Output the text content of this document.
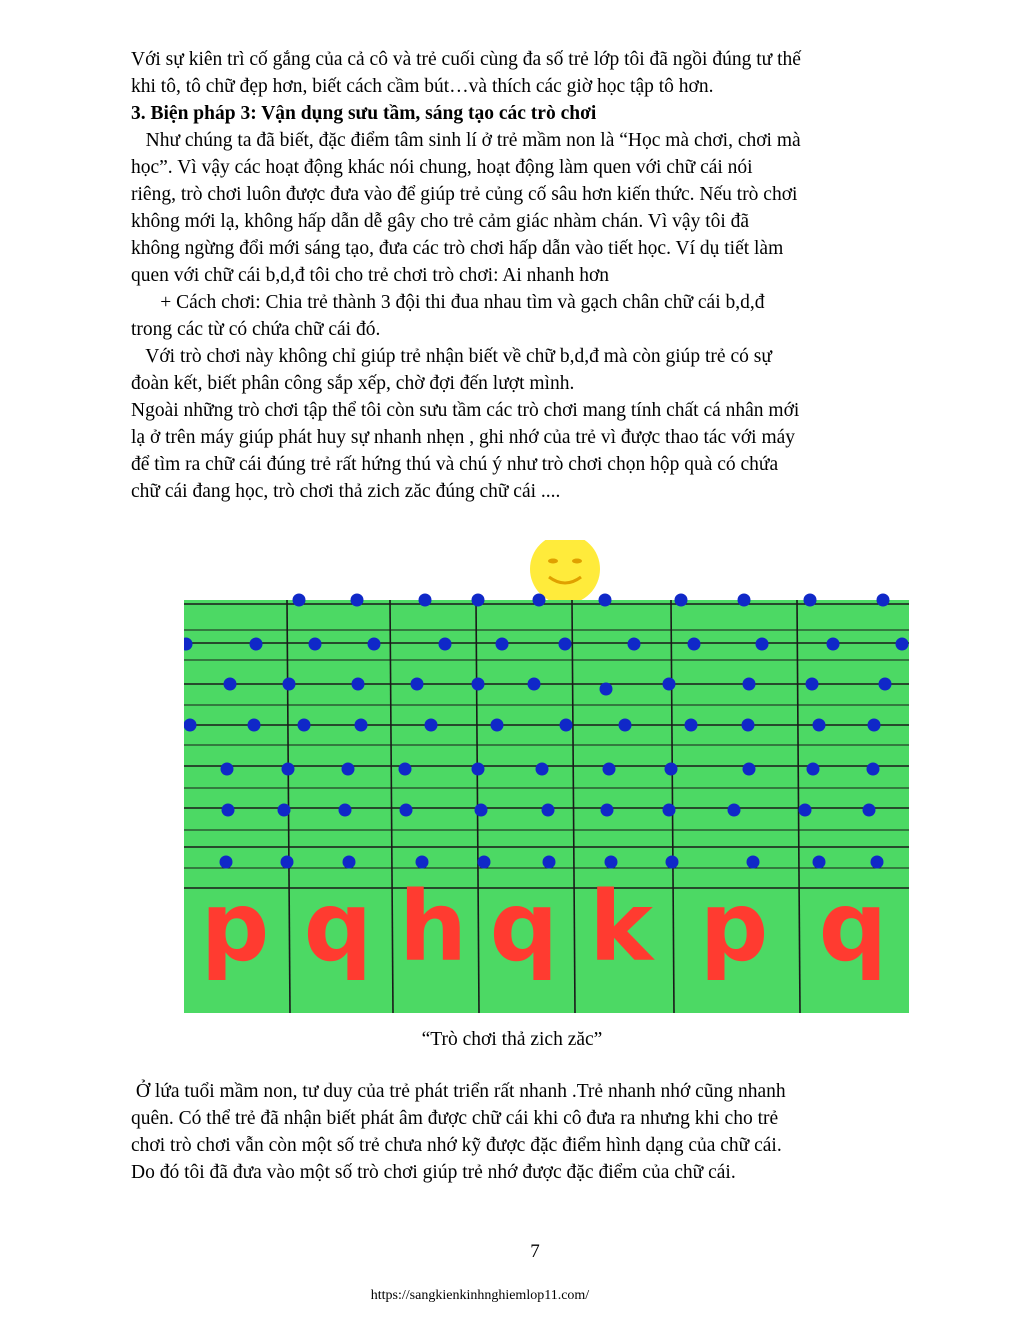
Với sự kiên trì cố gắng của cả cô và trẻ cuối cùng đa số trẻ lớp tôi đã ngồi đúng tư thế

khi tô, tô chữ đẹp hơn, biết cách cầm bút…và thích các giờ học tập tô hơn.

3. Biện pháp 3: Vận dụng sưu tầm, sáng tạo các trò chơi

Như chúng ta đã biết, đặc điểm tâm sinh lí ở trẻ mầm non là “Học mà chơi, chơi mà

học”. Vì vậy các hoạt động khác nói chung, hoạt động làm quen với chữ cái nói

riêng, trò chơi luôn được đưa vào để giúp trẻ củng cố sâu hơn kiến thức. Nếu trò chơi

không mới lạ, không hấp dẫn dễ gây cho trẻ cảm giác nhàm chán. Vì vậy tôi đã

không ngừng đổi mới sáng tạo, đưa các trò chơi hấp dẫn vào tiết học. Ví dụ tiết làm

quen với chữ cái b,d,đ tôi cho trẻ chơi trò chơi: Ai nhanh hơn

+ Cách chơi: Chia trẻ thành 3 đội thi đua nhau tìm và gạch chân chữ cái b,d,đ

trong các từ có chứa chữ cái đó.

Với trò chơi này không chỉ giúp trẻ nhận biết về chữ b,d,đ mà còn giúp trẻ có sự

đoàn kết, biết phân công sắp xếp, chờ đợi đến lượt mình.

Ngoài những trò chơi tập thể tôi còn sưu tầm các trò chơi mang tính chất cá nhân mới

lạ ở trên máy giúp phát huy sự nhanh nhẹn , ghi nhớ của trẻ vì được thao tác với máy

để tìm ra chữ cái đúng trẻ rất hứng thú và chú ý như trò chơi chọn hộp quà có chứa

chữ cái đang học, trò chơi thả zich zăc đúng chữ cái ....

p q h q k p q
“Trò chơi thả zich zăc”

Ở lứa tuổi mầm non, tư duy của trẻ phát triển rất nhanh .Trẻ nhanh nhớ cũng nhanh

quên. Có thể trẻ đã nhận biết phát âm được chữ cái khi cô đưa ra nhưng khi cho trẻ

chơi trò chơi vẫn còn một số trẻ chưa nhớ kỹ được đặc điểm hình dạng của chữ cái.

Do đó tôi đã đưa vào một số trò chơi giúp trẻ nhớ được đặc điểm của chữ cái.

7
https://sangkienkinhnghiemlop11.com/
